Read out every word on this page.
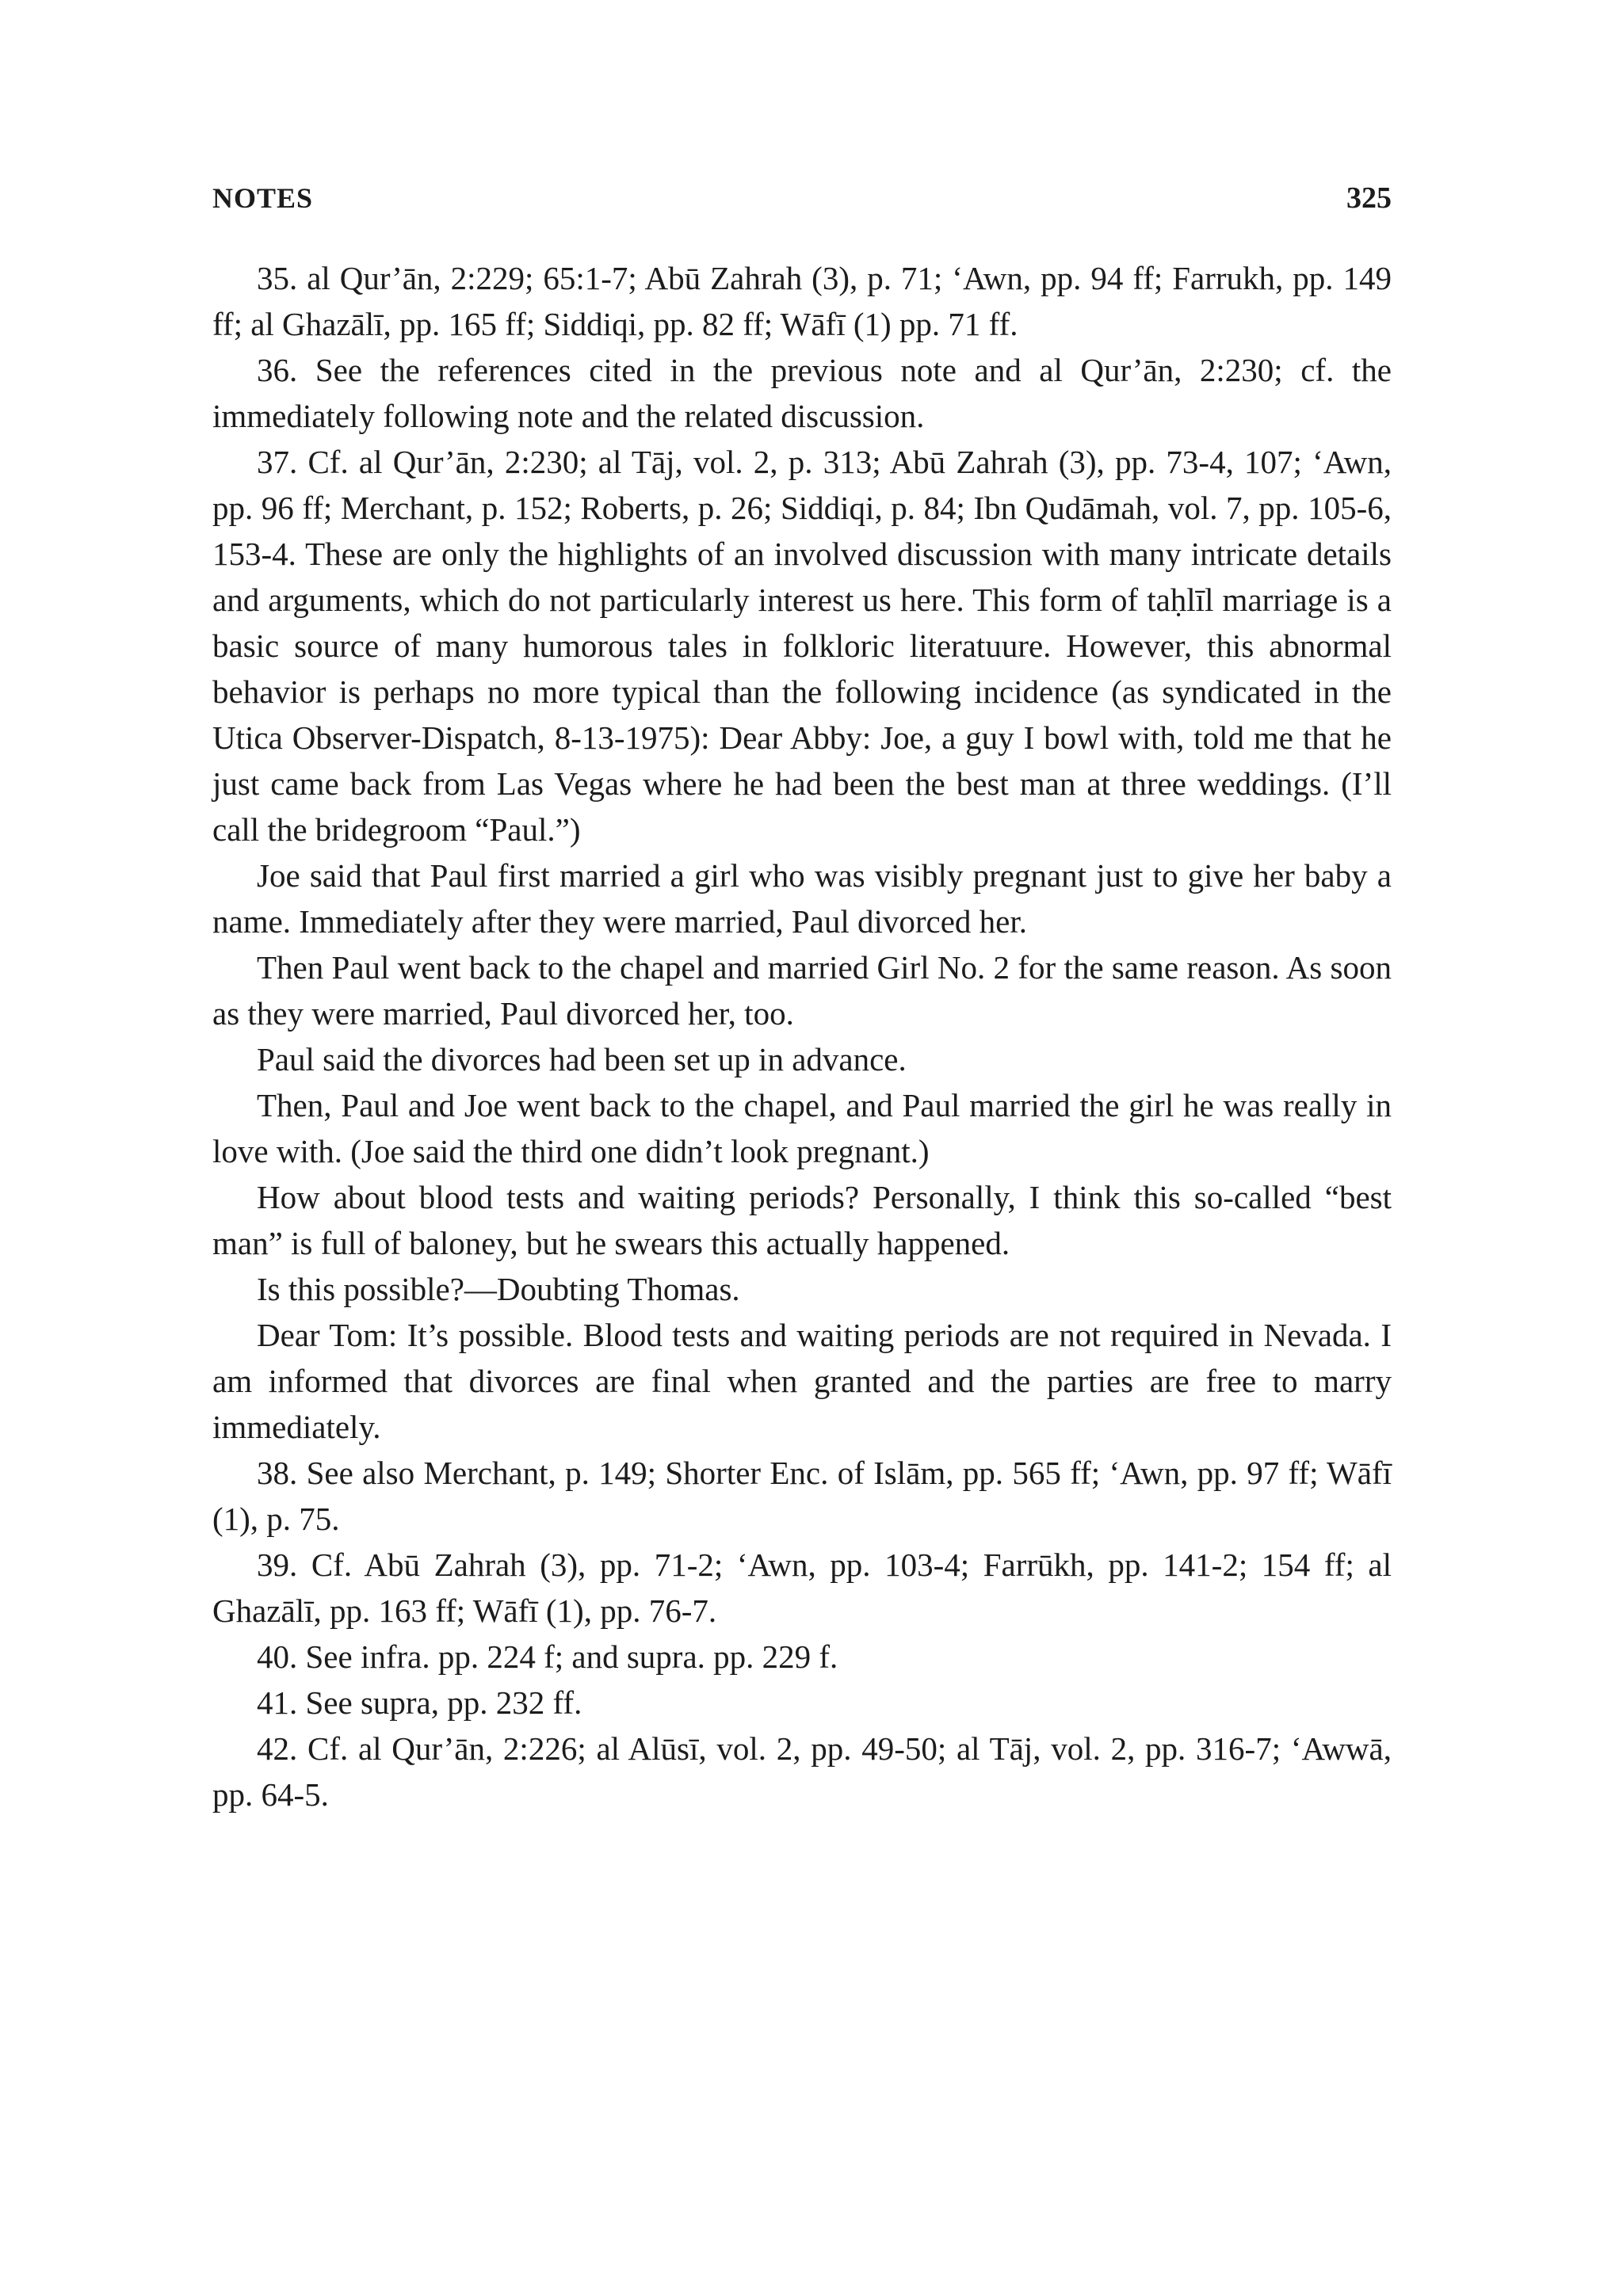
NOTES	325

35. al Qur’ān, 2:229; 65:1-7; Abū Zahrah (3), p. 71; ‘Awn, pp. 94 ff; Farrukh, pp. 149 ff; al Ghazālī, pp. 165 ff; Siddiqi, pp. 82 ff; Wāfī (1) pp. 71 ff.

36. See the references cited in the previous note and al Qur’ān, 2:230; cf. the immediately following note and the related discussion.

37. Cf. al Qur’ān, 2:230; al Tāj, vol. 2, p. 313; Abū Zahrah (3), pp. 73-4, 107; ‘Awn, pp. 96 ff; Merchant, p. 152; Roberts, p. 26; Siddiqi, p. 84; Ibn Qudāmah, vol. 7, pp. 105-6, 153-4. These are only the highlights of an involved discussion with many intricate details and arguments, which do not particularly interest us here. This form of taḥlīl marriage is a basic source of many humorous tales in folkloric literatuure. However, this abnormal behavior is perhaps no more typical than the following incidence (as syndicated in the Utica Observer-Dispatch, 8-13-1975): Dear Abby: Joe, a guy I bowl with, told me that he just came back from Las Vegas where he had been the best man at three weddings. (I’ll call the bridegroom “Paul.”)

Joe said that Paul first married a girl who was visibly pregnant just to give her baby a name. Immediately after they were married, Paul divorced her.

Then Paul went back to the chapel and married Girl No. 2 for the same reason. As soon as they were married, Paul divorced her, too.

Paul said the divorces had been set up in advance.

Then, Paul and Joe went back to the chapel, and Paul married the girl he was really in love with. (Joe said the third one didn’t look pregnant.)

How about blood tests and waiting periods? Personally, I think this so-called “best man” is full of baloney, but he swears this actually happened.

Is this possible?—Doubting Thomas.

Dear Tom: It’s possible. Blood tests and waiting periods are not required in Nevada. I am informed that divorces are final when granted and the parties are free to marry immediately.

38. See also Merchant, p. 149; Shorter Enc. of Islām, pp. 565 ff; ‘Awn, pp. 97 ff; Wāfī (1), p. 75.

39. Cf. Abū Zahrah (3), pp. 71-2; ‘Awn, pp. 103-4; Farrūkh, pp. 141-2; 154 ff; al Ghazālī, pp. 163 ff; Wāfī (1), pp. 76-7.

40. See infra. pp. 224 f; and supra. pp. 229 f.

41. See supra, pp. 232 ff.

42. Cf. al Qur’ān, 2:226; al Alūsī, vol. 2, pp. 49-50; al Tāj, vol. 2, pp. 316-7; ‘Awwā, pp. 64-5.
